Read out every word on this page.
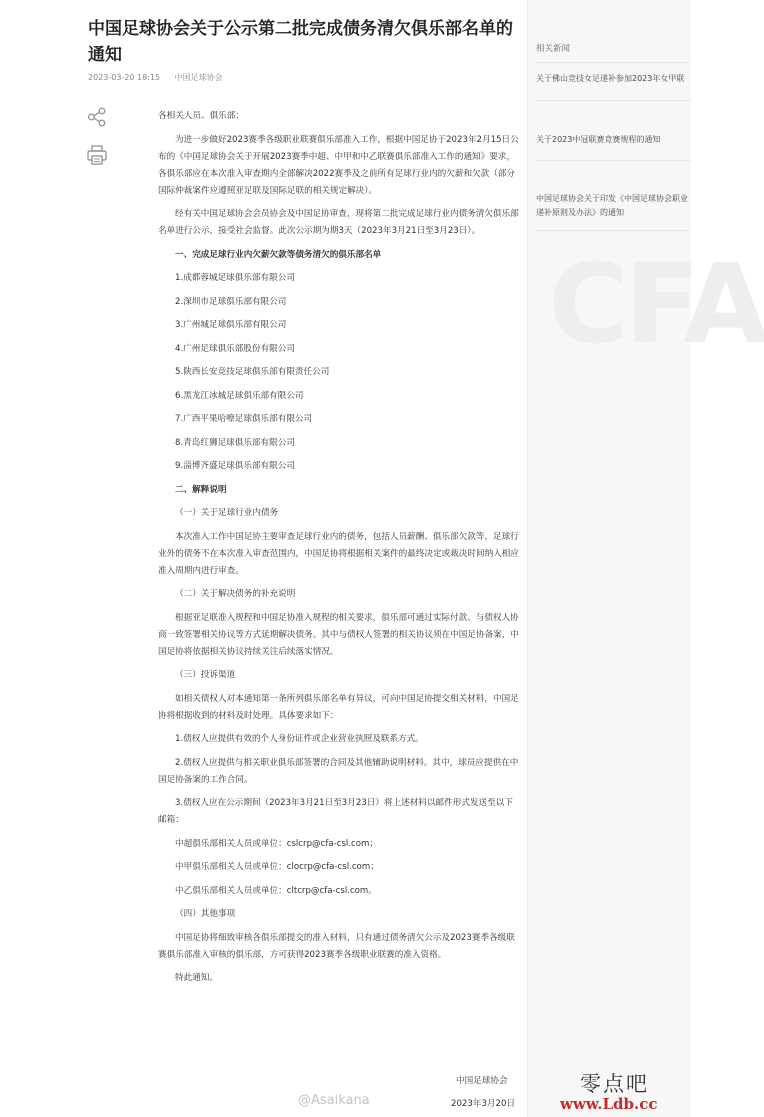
中国足球协会关于公示第二批完成债务清欠俱乐部名单的通知
2023-03-20 18:15 中国足球协会

各相关人员、俱乐部：

为进一步做好2023赛季各级职业联赛俱乐部准入工作，根据中国足协于2023年2月15日公布的《中国足球协会关于开展2023赛季中超、中甲和中乙联赛俱乐部准入工作的通知》要求，各俱乐部应在本次准入审查期内全部解决2022赛季及之前所有足球行业内的欠薪和欠款（部分国际仲裁案件应遵照亚足联及国际足联的相关规定解决）。

经有关中国足球协会会员协会及中国足协审查，现将第二批完成足球行业内债务清欠俱乐部名单进行公示，接受社会监督。此次公示期为期3天（2023年3月21日至3月23日）。

一、完成足球行业内欠薪欠款等债务清欠的俱乐部名单

1.成都蓉城足球俱乐部有限公司

2.深圳市足球俱乐部有限公司

3.广州城足球俱乐部有限公司

4.广州足球俱乐部股份有限公司

5.陕西长安竞技足球俱乐部有限责任公司

6.黑龙江冰城足球俱乐部有限公司

7.广西平果哈嘹足球俱乐部有限公司

8.青岛红狮足球俱乐部有限公司

9.淄博齐盛足球俱乐部有限公司

二、解释说明

（一）关于足球行业内债务

本次准入工作中国足协主要审查足球行业内的债务，包括人员薪酬、俱乐部欠款等，足球行业外的债务不在本次准入审查范围内，中国足协将根据相关案件的最终决定或裁决时间纳入相应准入周期内进行审查。

（二）关于解决债务的补充说明

根据亚足联准入规程和中国足协准入规程的相关要求，俱乐部可通过实际付款、与债权人协商一致签署相关协议等方式延期解决债务。其中与债权人签署的相关协议须在中国足协备案，中国足协将依据相关协议持续关注后续落实情况。

（三）投诉渠道

如相关债权人对本通知第一条所列俱乐部名单有异议，可向中国足协提交相关材料，中国足协将根据收到的材料及时处理。具体要求如下：

1.债权人应提供有效的个人身份证件或企业营业执照及联系方式。

2.债权人应提供与相关职业俱乐部签署的合同及其他辅助说明材料。其中，球员应提供在中国足协备案的工作合同。

3.债权人应在公示期间（2023年3月21日至3月23日）将上述材料以邮件形式发送至以下邮箱：

中超俱乐部相关人员或单位：cslcrp@cfa-csl.com；

中甲俱乐部相关人员或单位：clocrp@cfa-csl.com；

中乙俱乐部相关人员或单位：cltcrp@cfa-csl.com。

（四）其他事项

中国足协将细致审核各俱乐部提交的准入材料，只有通过债务清欠公示及2023赛季各级联赛俱乐部准入审核的俱乐部，方可获得2023赛季各级职业联赛的准入资格。

特此通知。

中国足球协会
2023年3月20日
CFA
相关新闻
关于佛山竞技女足递补参加2023年女甲联
关于2023中冠联赛竞赛规程的通知
中国足球协会关于印发《中国足球协会职业递补原则及办法》的通知
@Asaikana
零点吧
www.Ldb.cc
